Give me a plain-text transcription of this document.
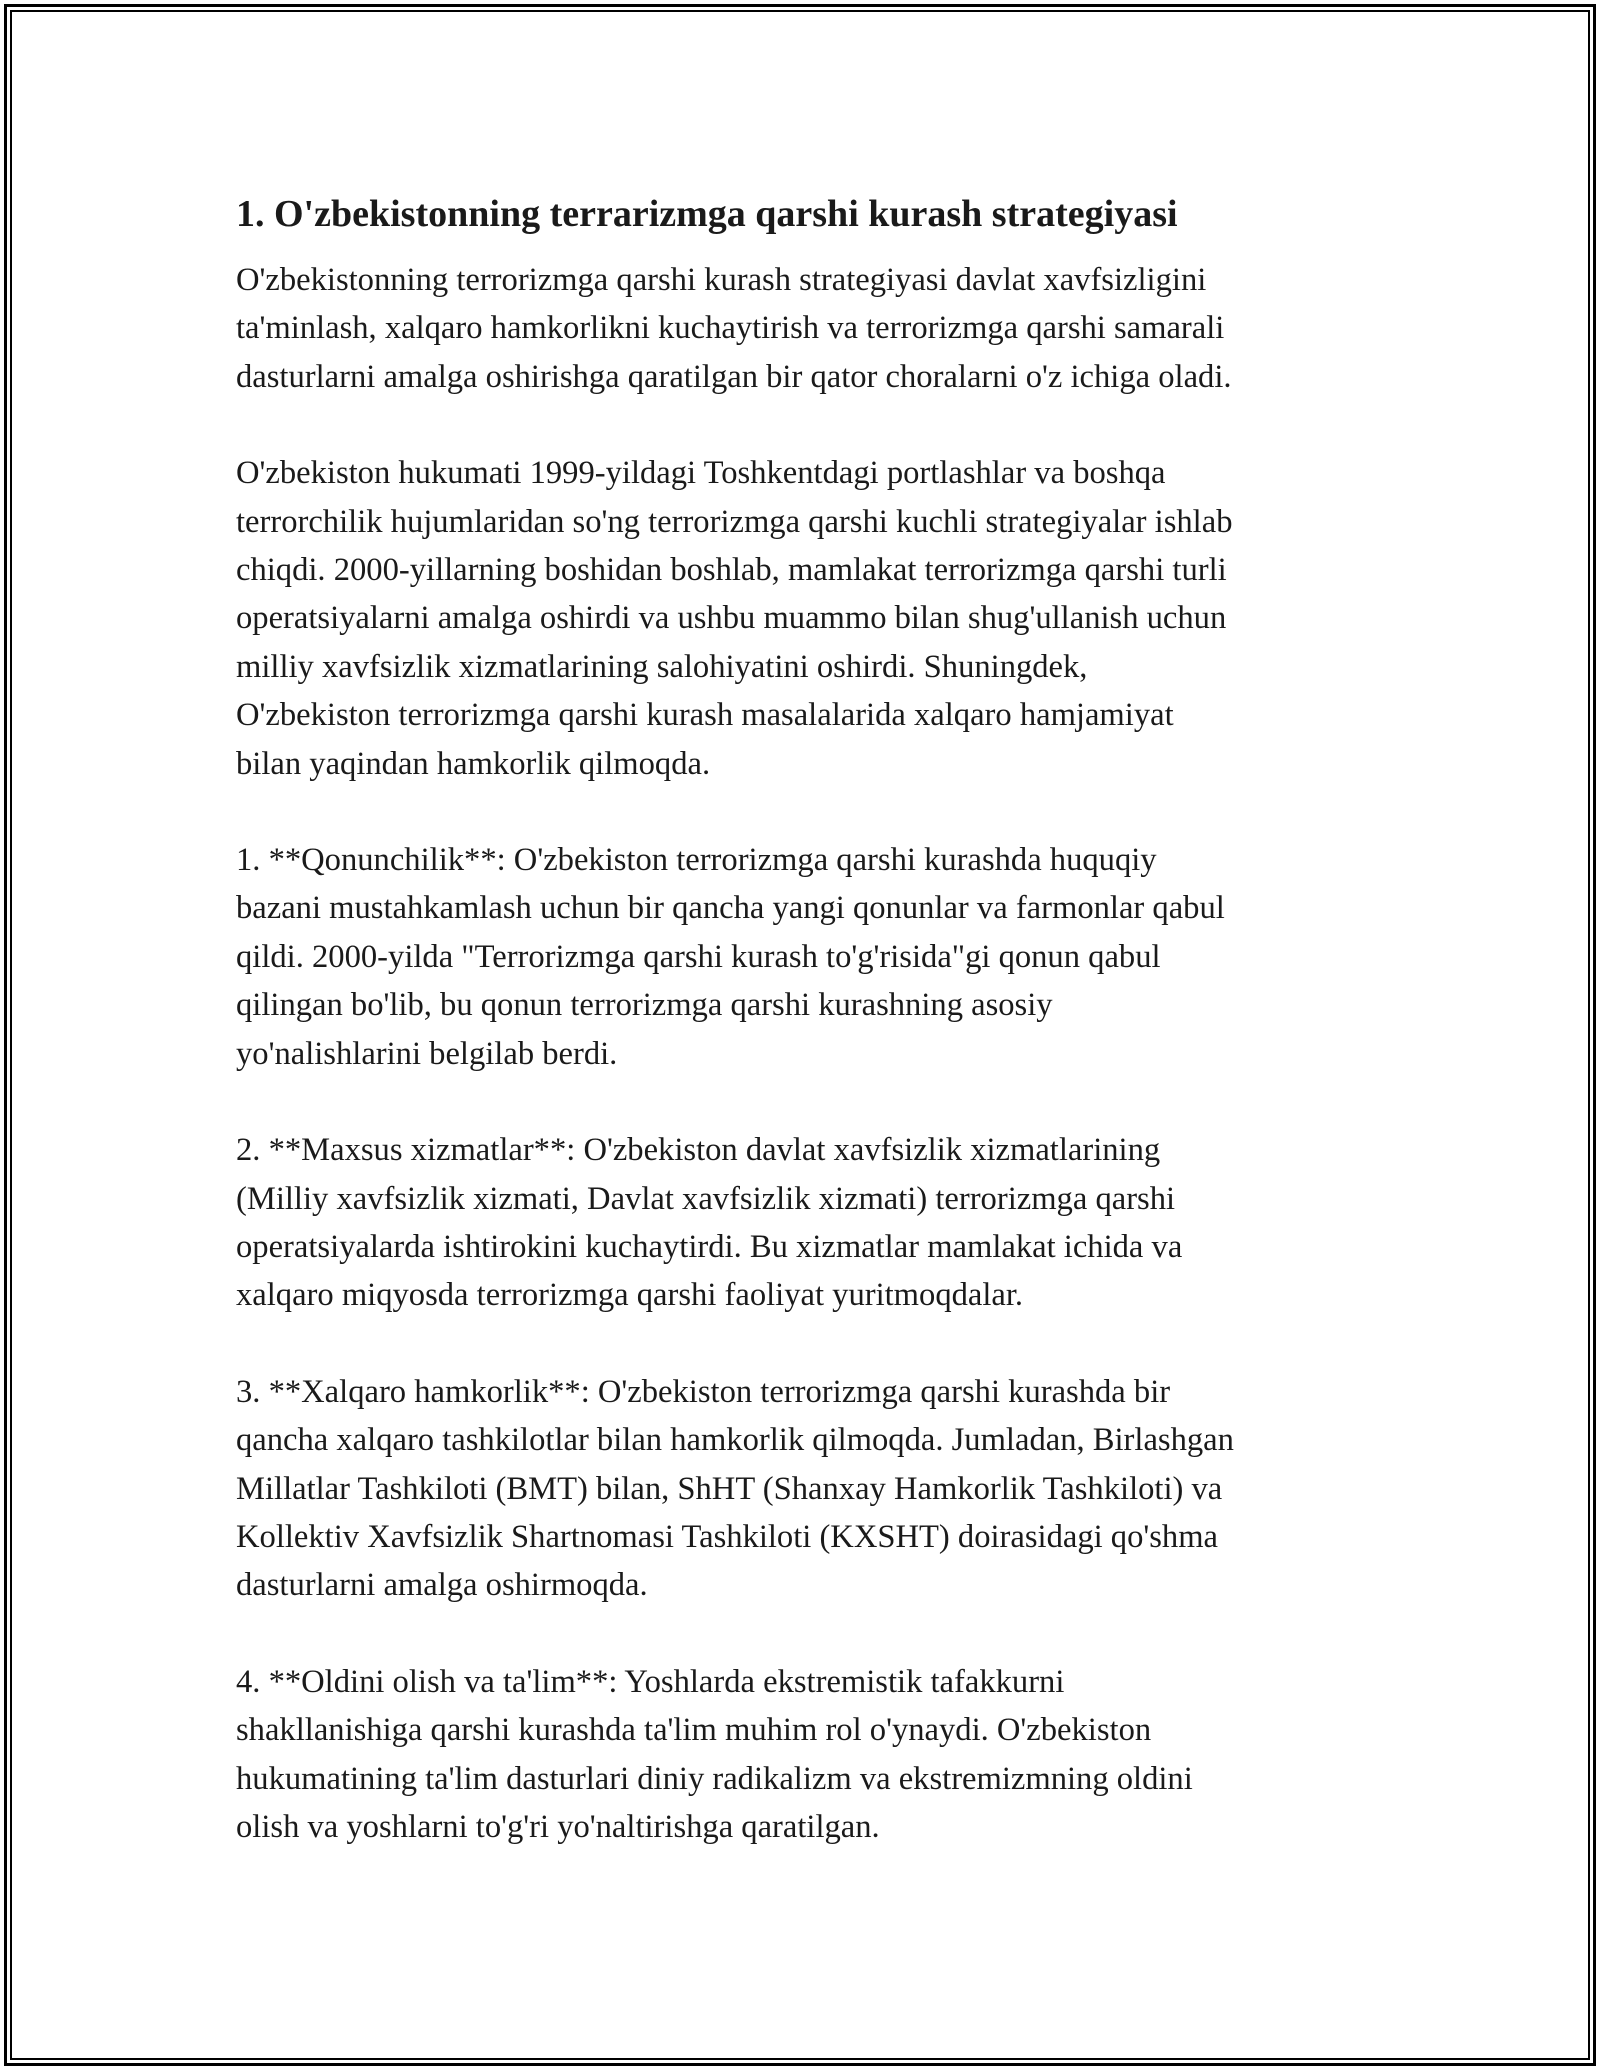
1. O'zbekistonning terrarizmga qarshi kurash strategiyasi

O'zbekistonning terrorizmga qarshi kurash strategiyasi davlat xavfsizligini
ta'minlash, xalqaro hamkorlikni kuchaytirish va terrorizmga qarshi samarali
dasturlarni amalga oshirishga qaratilgan bir qator choralarni o'z ichiga oladi.

O'zbekiston hukumati 1999-yildagi Toshkentdagi portlashlar va boshqa
terrorchilik hujumlaridan so'ng terrorizmga qarshi kuchli strategiyalar ishlab
chiqdi. 2000-yillarning boshidan boshlab, mamlakat terrorizmga qarshi turli
operatsiyalarni amalga oshirdi va ushbu muammo bilan shug'ullanish uchun
milliy xavfsizlik xizmatlarining salohiyatini oshirdi. Shuningdek,
O'zbekiston terrorizmga qarshi kurash masalalarida xalqaro hamjamiyat
bilan yaqindan hamkorlik qilmoqda.

1. **Qonunchilik**: O'zbekiston terrorizmga qarshi kurashda huquqiy
bazani mustahkamlash uchun bir qancha yangi qonunlar va farmonlar qabul
qildi. 2000-yilda "Terrorizmga qarshi kurash to'g'risida"gi qonun qabul
qilingan bo'lib, bu qonun terrorizmga qarshi kurashning asosiy
yo'nalishlarini belgilab berdi.

2. **Maxsus xizmatlar**: O'zbekiston davlat xavfsizlik xizmatlarining
(Milliy xavfsizlik xizmati, Davlat xavfsizlik xizmati) terrorizmga qarshi
operatsiyalarda ishtirokini kuchaytirdi. Bu xizmatlar mamlakat ichida va
xalqaro miqyosda terrorizmga qarshi faoliyat yuritmoqdalar.

3. **Xalqaro hamkorlik**: O'zbekiston terrorizmga qarshi kurashda bir
qancha xalqaro tashkilotlar bilan hamkorlik qilmoqda. Jumladan, Birlashgan
Millatlar Tashkiloti (BMT) bilan, ShHT (Shanxay Hamkorlik Tashkiloti) va
Kollektiv Xavfsizlik Shartnomasi Tashkiloti (KXSHT) doirasidagi qo'shma
dasturlarni amalga oshirmoqda.

4. **Oldini olish va ta'lim**: Yoshlarda ekstremistik tafakkurni
shakllanishiga qarshi kurashda ta'lim muhim rol o'ynaydi. O'zbekiston
hukumatining ta'lim dasturlari diniy radikalizm va ekstremizmning oldini
olish va yoshlarni to'g'ri yo'naltirishga qaratilgan.
